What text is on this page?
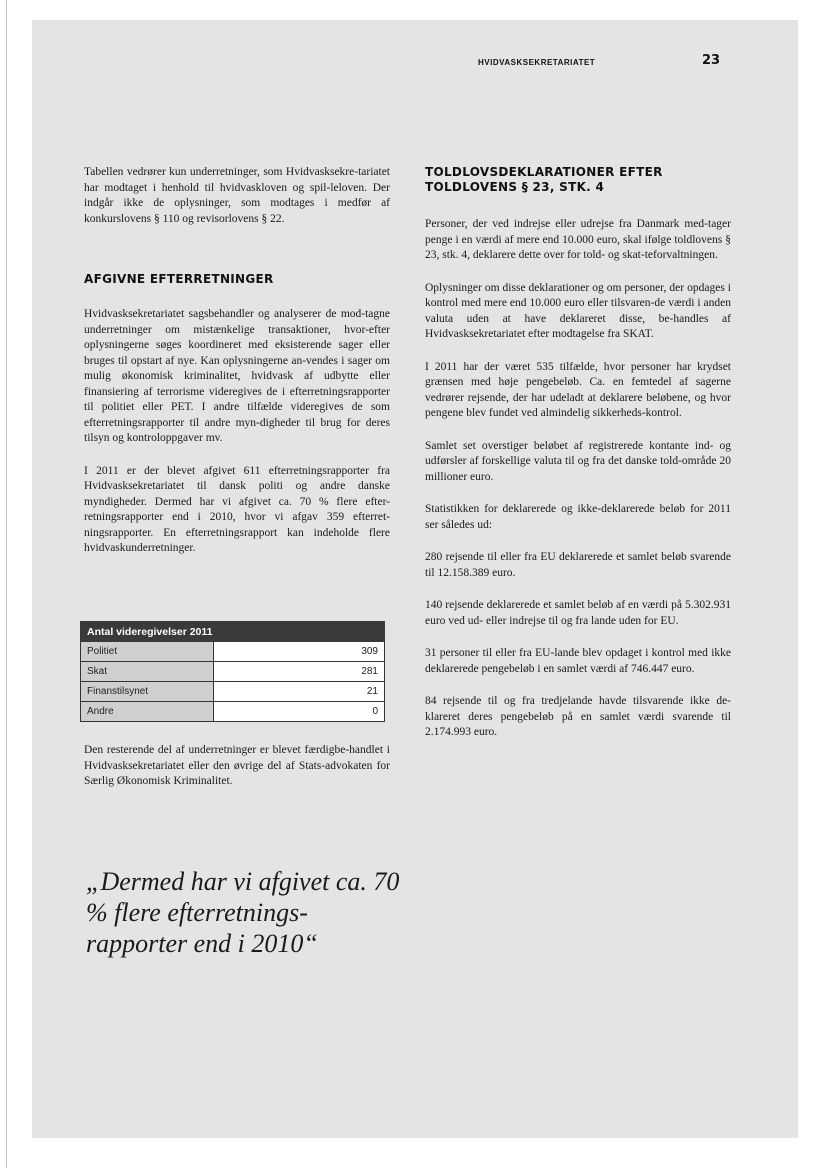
HVIDVASKSEKRETARIATET	23

Tabellen vedrører kun underretninger, som Hvidvasksekre-tariatet har modtaget i henhold til hvidvaskloven og spil-leloven. Der indgår ikke de oplysninger, som modtages i medfør af konkurslovens § 110 og revisorlovens § 22.

AFGIVNE EFTERRETNINGER

Hvidvasksekretariatet sagsbehandler og analyserer de mod-tagne underretninger om mistænkelige transaktioner, hvor-efter oplysningerne søges koordineret med eksisterende sager eller bruges til opstart af nye. Kan oplysningerne an-vendes i sager om mulig økonomisk kriminalitet, hvidvask af udbytte eller finansiering af terrorisme videregives de i efterretningsrapporter til politiet eller PET. I andre tilfælde videregives de som efterretningsrapporter til andre myn-digheder til brug for deres tilsyn og kontroloppgaver mv.

I 2011 er der blevet afgivet 611 efterretningsrapporter fra Hvidvasksekretariatet til dansk politi og andre danske myndigheder. Dermed har vi afgivet ca. 70 % flere efter-retningsrapporter end i 2010, hvor vi afgav 359 efterret-ningsrapporter. En efterretningsrapport kan indeholde flere hvidvaskunderretninger.

Antal videregivelser 2011	
Politiet	309
Skat	281
Finanstilsynet	21
Andre	0

Den resterende del af underretninger er blevet færdigbe-handlet i Hvidvasksekretariatet eller den øvrige del af Stats-advokaten for Særlig Økonomisk Kriminalitet.

„Dermed har vi afgivet ca. 70 % flere efterretnings-rapporter end i 2010“
TOLDLOVSDEKLARATIONER EFTER TOLDLOVENS § 23, STK. 4

Personer, der ved indrejse eller udrejse fra Danmark med-tager penge i en værdi af mere end 10.000 euro, skal ifølge toldlovens § 23, stk. 4, deklarere dette over for told- og skat-teforvaltningen.

Oplysninger om disse deklarationer og om personer, der opdages i kontrol med mere end 10.000 euro eller tilsvaren-de værdi i anden valuta uden at have deklareret disse, be-handles af Hvidvasksekretariatet efter modtagelse fra SKAT.

I 2011 har der været 535 tilfælde, hvor personer har krydset grænsen med høje pengebeløb. Ca. en femtedel af sagerne vedrører rejsende, der har udeladt at deklarere beløbene, og hvor pengene blev fundet ved almindelig sikkerheds-kontrol.

Samlet set overstiger beløbet af registrerede kontante ind- og udførsler af forskellige valuta til og fra det danske told-område 20 millioner euro.

Statistikken for deklarerede og ikke-deklarerede beløb for 2011 ser således ud:

280 rejsende til eller fra EU deklarerede et samlet beløb svarende til 12.158.389 euro.

140 rejsende deklarerede et samlet beløb af en værdi på 5.302.931 euro ved ud- eller indrejse til og fra lande uden for EU.

31 personer til eller fra EU-lande blev opdaget i kontrol med ikke deklarerede pengebeløb i en samlet værdi af 746.447 euro.

84 rejsende til og fra tredjelande havde tilsvarende ikke de-klareret deres pengebeløb på en samlet værdi svarende til 2.174.993 euro.
